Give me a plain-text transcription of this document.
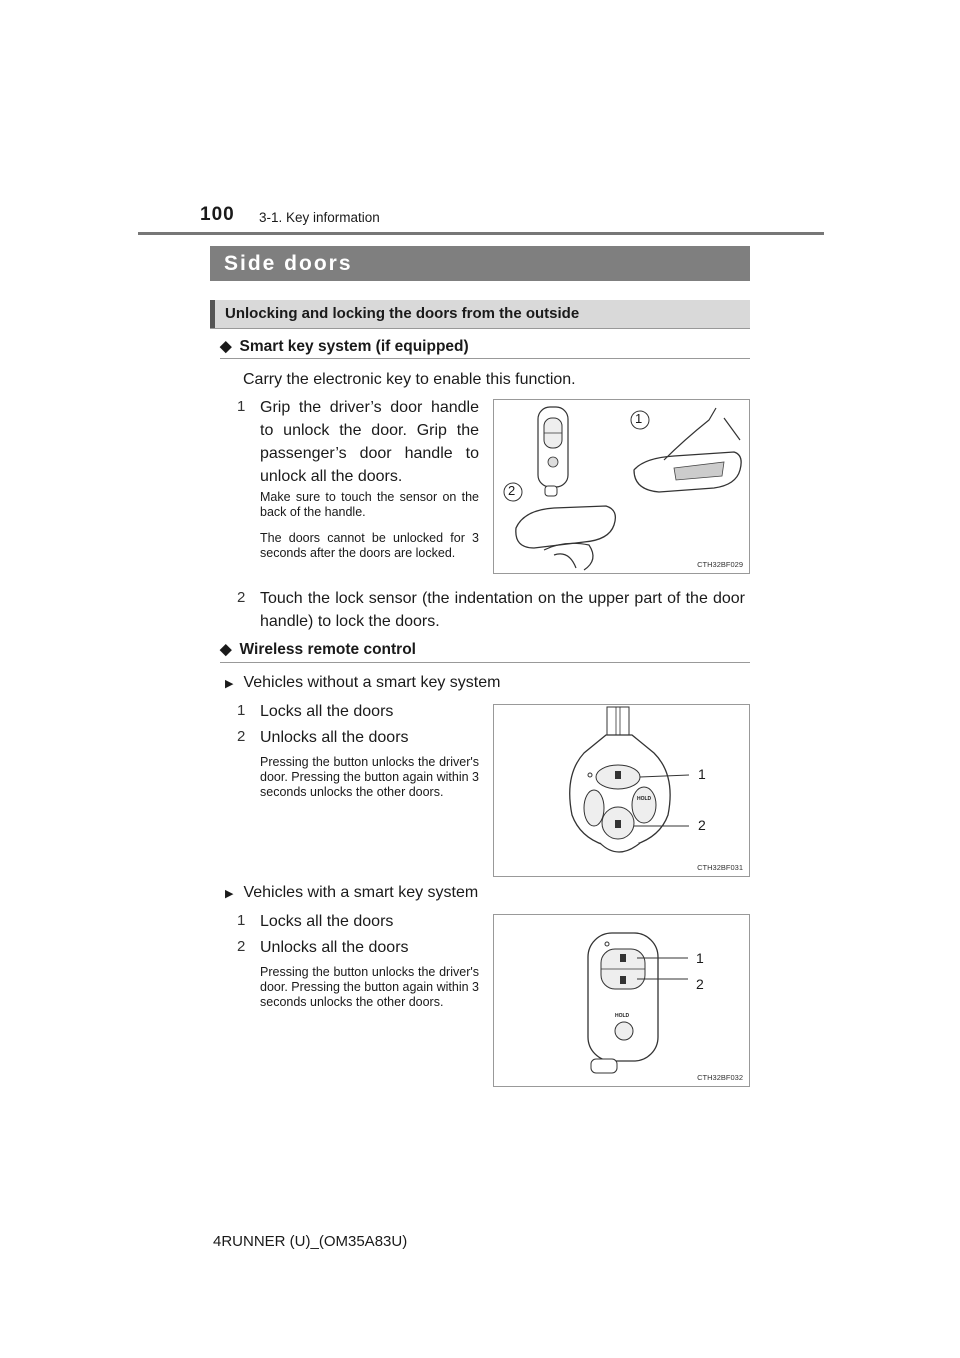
100 3-1. Key information
Side doors
Unlocking and locking the doors from the outside
◆ Smart key system (if equipped)
Carry the electronic key to enable this function.
1 Grip the driver’s door handle to unlock the door. Grip the passenger’s door handle to unlock all the doors.
Make sure to touch the sensor on the back of the handle.
The doors cannot be unlocked for 3 seconds after the doors are locked.
1
2
CTH32BF029
2 Touch the lock sensor (the indentation on the upper part of the door handle) to lock the doors.
◆ Wireless remote control
▶ Vehicles without a smart key system
1 Locks all the doors
2 Unlocks all the doors
Pressing the button unlocks the driver's door. Pressing the button again within 3 seconds unlocks the other doors.	HOLD
1
2
CTH32BF031
▶ Vehicles with a smart key system
1 Locks all the doors
2 Unlocks all the doors
Pressing the button unlocks the driver's door. Pressing the button again within 3 seconds unlocks the other doors.
HOLD
1
2
CTH32BF032
4RUNNER (U)_(OM35A83U)
